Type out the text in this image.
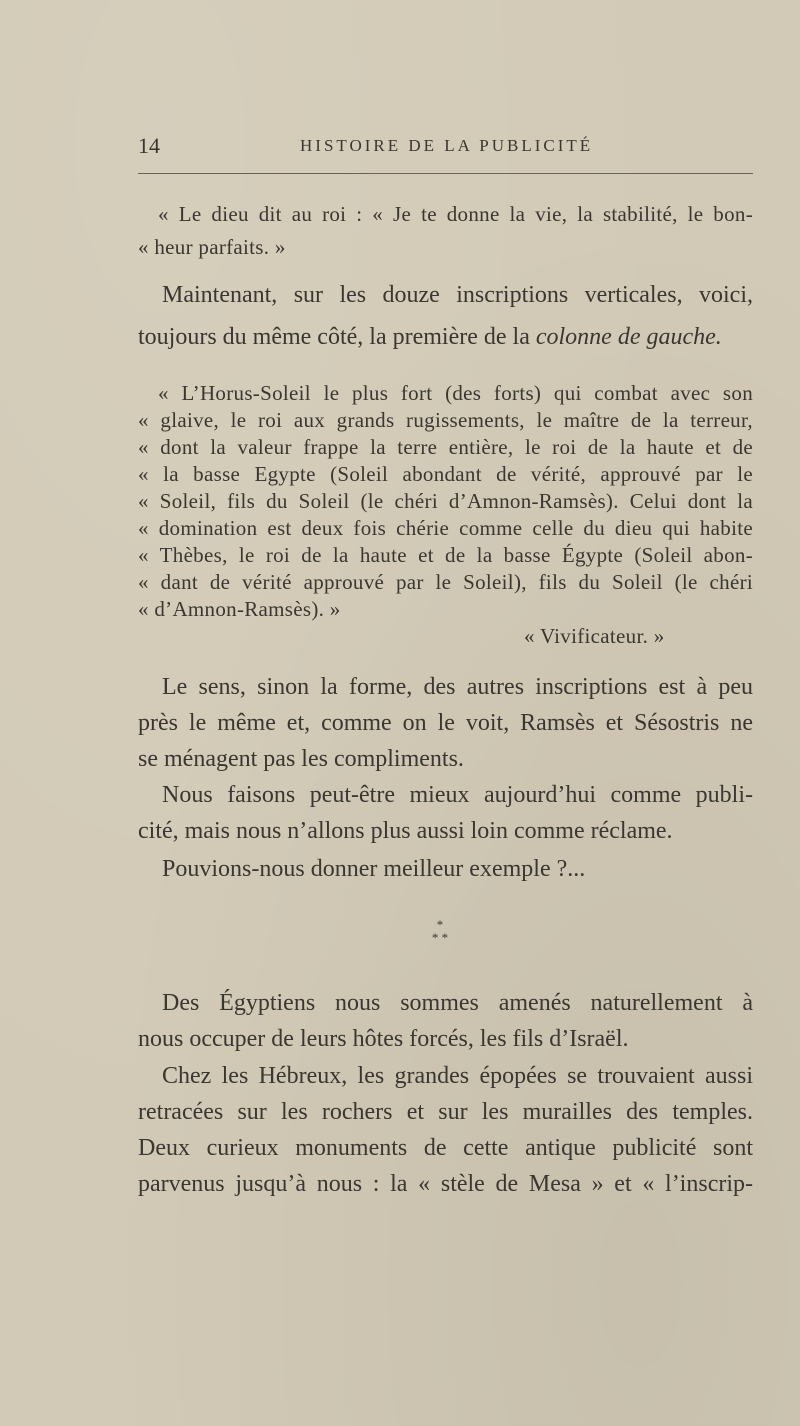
14	HISTOIRE DE LA PUBLICITÉ
« Le dieu dit au roi : « Je te donne la vie, la stabilité, le bon-
« heur parfaits. »
Maintenant, sur les douze inscriptions verticales, voici,
toujours du même côté, la première de la colonne de gauche.
« L’Horus-Soleil le plus fort (des forts) qui combat avec son
« glaive, le roi aux grands rugissements, le maître de la terreur,
« dont la valeur frappe la terre entière, le roi de la haute et de
« la basse Egypte (Soleil abondant de vérité, approuvé par le
« Soleil, fils du Soleil (le chéri d’Amnon-Ramsès). Celui dont la
« domination est deux fois chérie comme celle du dieu qui habite
« Thèbes, le roi de la haute et de la basse Égypte (Soleil abon-
« dant de vérité approuvé par le Soleil), fils du Soleil (le chéri
« d’Amnon-Ramsès). »
« Vivificateur. »
Le sens, sinon la forme, des autres inscriptions est à peu
près le même et, comme on le voit, Ramsès et Sésostris ne
se ménagent pas les compliments.
Nous faisons peut-être mieux aujourd’hui comme publi-
cité, mais nous n’allons plus aussi loin comme réclame.
Pouvions-nous donner meilleur exemple ?...
*
* *
Des Égyptiens nous sommes amenés naturellement à
nous occuper de leurs hôtes forcés, les fils d’Israël.
Chez les Hébreux, les grandes épopées se trouvaient aussi
retracées sur les rochers et sur les murailles des temples.
Deux curieux monuments de cette antique publicité sont
parvenus jusqu’à nous : la « stèle de Mesa » et « l’inscrip-
